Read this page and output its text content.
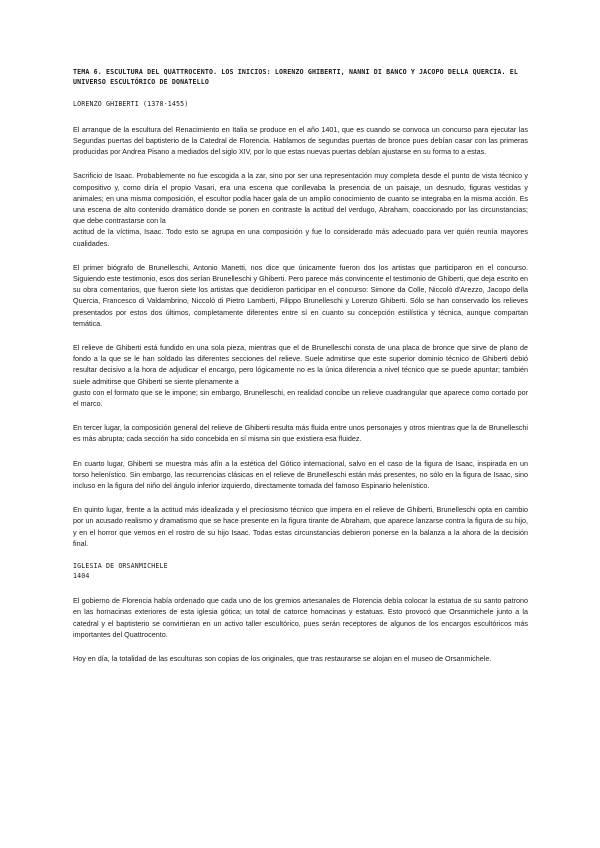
TEMA 6. ESCULTURA DEL QUATTROCENTO. LOS INICIOS: LORENZO GHIBERTI, NANNI DI BANCO Y JACOPO DELLA QUERCIA. EL UNIVERSO ESCULTÓRICO DE DONATELLO
LORENZO GHIBERTI (1378-1455)
El arranque de la escultura del Renacimiento en Italia se produce en el año 1401, que es cuando se convoca un concurso para ejecutar las Segundas puertas del baptisterio de la Catedral de Florencia. Hablamos de segundas puertas de bronce pues debían casar con las primeras producidas por Andrea Pisano a mediados del siglo XIV, por lo que estas nuevas puertas debían ajustarse en su forma to a estas.
Sacrificio de Isaac. Probablemente no fue escogida a la zar, sino por ser una representación muy completa desde el punto de vista técnico y compositivo y, como diría el propio Vasari, era una escena que conllevaba la presencia de un paisaje, un desnudo, figuras vestidas y animales; en una misma composición, el escultor podía hacer gala de un amplio conocimiento de cuanto se integraba en la misma acción. Es una escena de alto contenido dramático donde se ponen en contraste la actitud del verdugo, Abraham, coaccionado por las circunstancias; que debe contrastarse con la
actitud de la víctima, Isaac. Todo esto se agrupa en una composición y fue lo considerado más adecuado para ver quién reunía mayores cualidades.
El primer biógrafo de Brunelleschi, Antonio Manetti, nos dice que únicamente fueron dos los artistas que participaron en el concurso. Siguiendo este testimonio, esos dos serían Brunelleschi y Ghiberti. Pero parece más convincente el testimonio de Ghiberti, que deja escrito en su obra comentarios, que fueron siete los artistas que decidieron participar en el concurso: Simone da Colle, Niccolò d'Arezzo, Jacopo della Quercia, Francesco di Valdambrino, Niccolò di Pietro Lamberti, Filippo Brunelleschi y Lorenzo Ghiberti. Sólo se han conservado los relieves presentados por estos dos últimos, completamente diferentes entre sí en cuanto su concepción estilística y técnica, aunque compartan temática.
El relieve de Ghiberti está fundido en una sola pieza, mientras que el de Brunelleschi consta de una placa de bronce que sirve de plano de fondo a la que se le han soldado las diferentes secciones del relieve. Suele admitirse que este superior dominio técnico de Ghiberti debió resultar decisivo a la hora de adjudicar el encargo, pero lógicamente no es la única diferencia a nivel técnico que se puede apuntar; también suele admitirse que Ghiberti se siente plenamente a
gusto con el formato que se le impone; sin embargo, Brunelleschi, en realidad concibe un relieve cuadrangular que aparece como cortado por el marco.
En tercer lugar, la composición general del relieve de Ghiberti resulta más fluida entre unos personajes y otros mientras que la de Brunelleschi es más abrupta; cada sección ha sido concebida en sí misma sin que existiera esa fluidez.
En cuarto lugar, Ghiberti se muestra más afín a la estética del Gótico internacional, salvo en el caso de la figura de Isaac, inspirada en un torso helenístico. Sin embargo, las recurrencias clásicas en el relieve de Brunelleschi están más presentes, no sólo en la figura de Isaac, sino incluso en la figura del niño del ángulo inferior izquierdo, directamente tomada del famoso Espinario helenístico.
En quinto lugar, frente a la actitud más idealizada y el preciosismo técnico que impera en el relieve de Ghiberti, Brunelleschi opta en cambio por un acusado realismo y dramatismo que se hace presente en la figura tirante de Abraham, que aparece lanzarse contra la figura de su hijo, y en el horror que vemos en el rostro de su hijo Isaac. Todas estas circunstancias debieron ponerse en la balanza a la ahora de la decisión final.
IGLESIA DE ORSANMICHELE
1404
El gobierno de Florencia había ordenado que cada uno de los gremios artesanales de Florencia debía colocar la estatua de su santo patrono en las hornacinas exteriores de esta iglesia gótica; un total de catorce hornacinas y estatuas. Esto provocó que Orsanmichele junto a la catedral y el baptisterio se convirtieran en un activo taller escultórico, pues serán receptores de algunos de los encargos escultóricos más importantes del Quattrocento.
Hoy en día, la totalidad de las esculturas son copias de los originales, que tras restaurarse se alojan en el museo de Orsanmichele.
